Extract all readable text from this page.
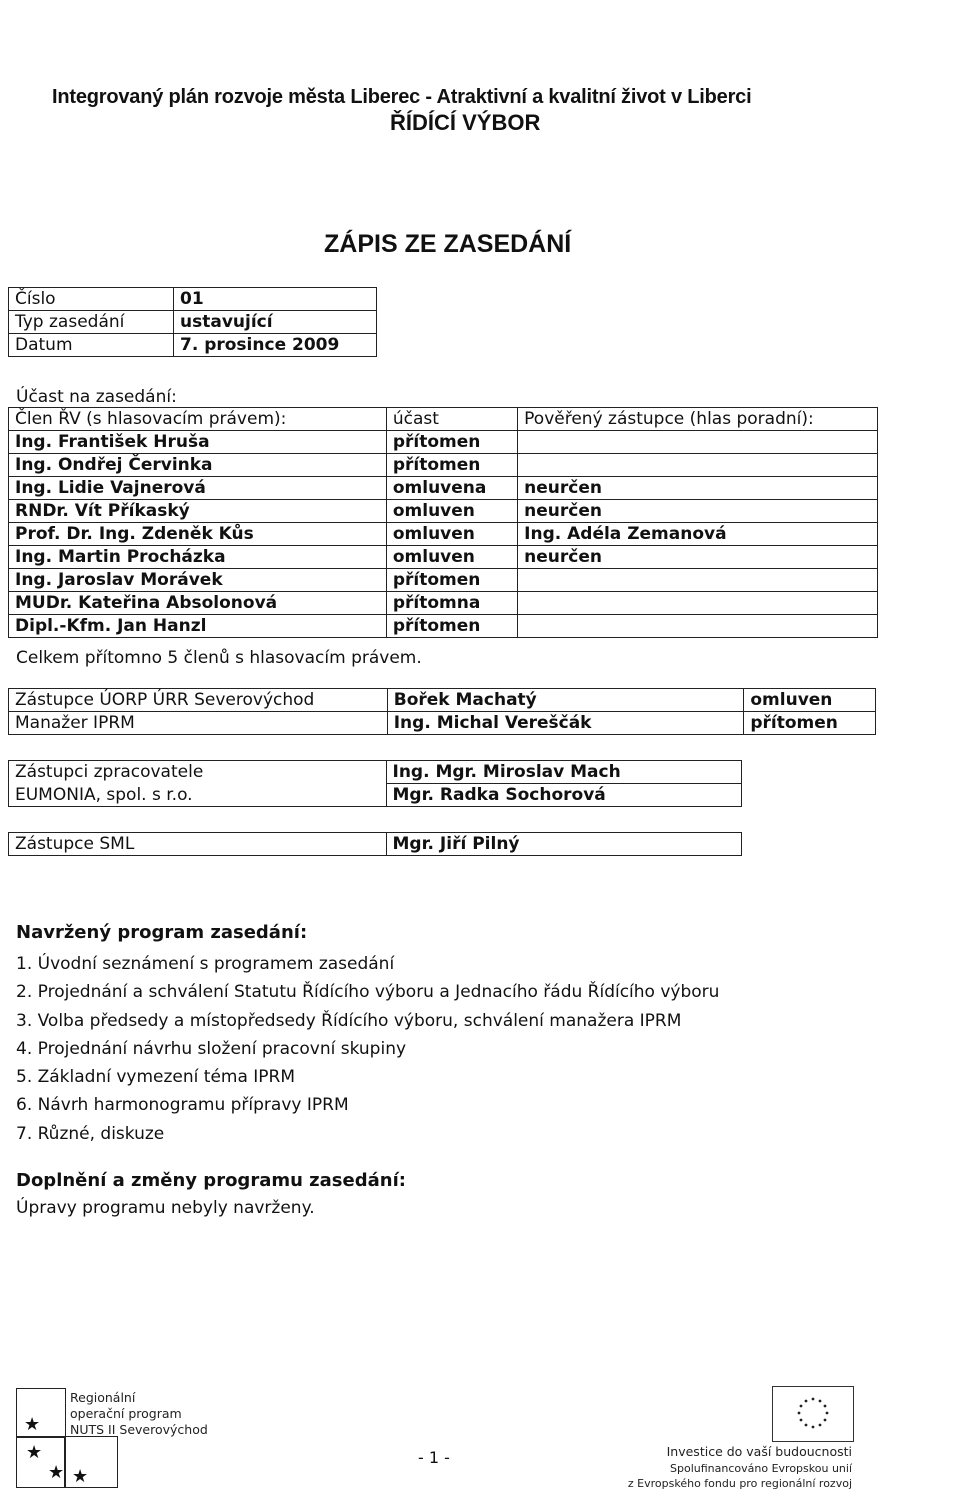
Integrovaný plán rozvoje města Liberec - Atraktivní a kvalitní život v Liberci
ŘÍDÍCÍ VÝBOR
ZÁPIS ZE ZASEDÁNÍ
Číslo	01
Typ zasedání	ustavující
Datum	7. prosince 2009
Účast na zasedání:
Člen ŘV (s hlasovacím právem):	účast	Pověřený zástupce (hlas poradní):
Ing. František Hruša	přítomen	
Ing. Ondřej Červinka	přítomen	
Ing. Lidie Vajnerová	omluvena	neurčen
RNDr. Vít Příkaský	omluven	neurčen
Prof. Dr. Ing. Zdeněk Kůs	omluven	Ing. Adéla Zemanová
Ing. Martin Procházka	omluven	neurčen
Ing. Jaroslav Morávek	přítomen	
MUDr. Kateřina Absolonová	přítomna	
Dipl.-Kfm. Jan Hanzl	přítomen	
Celkem přítomno 5 členů s hlasovacím právem.
Zástupce ÚORP ÚRR Severovýchod	Bořek Machatý	omluven
Manažer IPRM	Ing. Michal Vereščák	přítomen
Zástupci zpracovatele	Ing. Mgr. Miroslav Mach
EUMONIA, spol. s r.o.	Mgr. Radka Sochorová
Zástupce SML	Mgr. Jiří Pilný
Navržený program zasedání:
1. Úvodní seznámení s programem zasedání
2. Projednání a schválení Statutu Řídícího výboru a Jednacího řádu Řídícího výboru
3. Volba předsedy a místopředsedy Řídícího výboru, schválení manažera IPRM
4. Projednání návrhu složení pracovní skupiny
5. Základní vymezení téma IPRM
6. Návrh harmonogramu přípravy IPRM
7. Různé, diskuze
Doplnění a změny programu zasedání:
Úpravy programu nebyly navrženy.
★
★
★ ★
Regionální
operační program
NUTS II Severovýchod
- 1 -	Investice do vaší budoucnosti
Spolufinancováno Evropskou unií
z Evropského fondu pro regionální rozvoj
